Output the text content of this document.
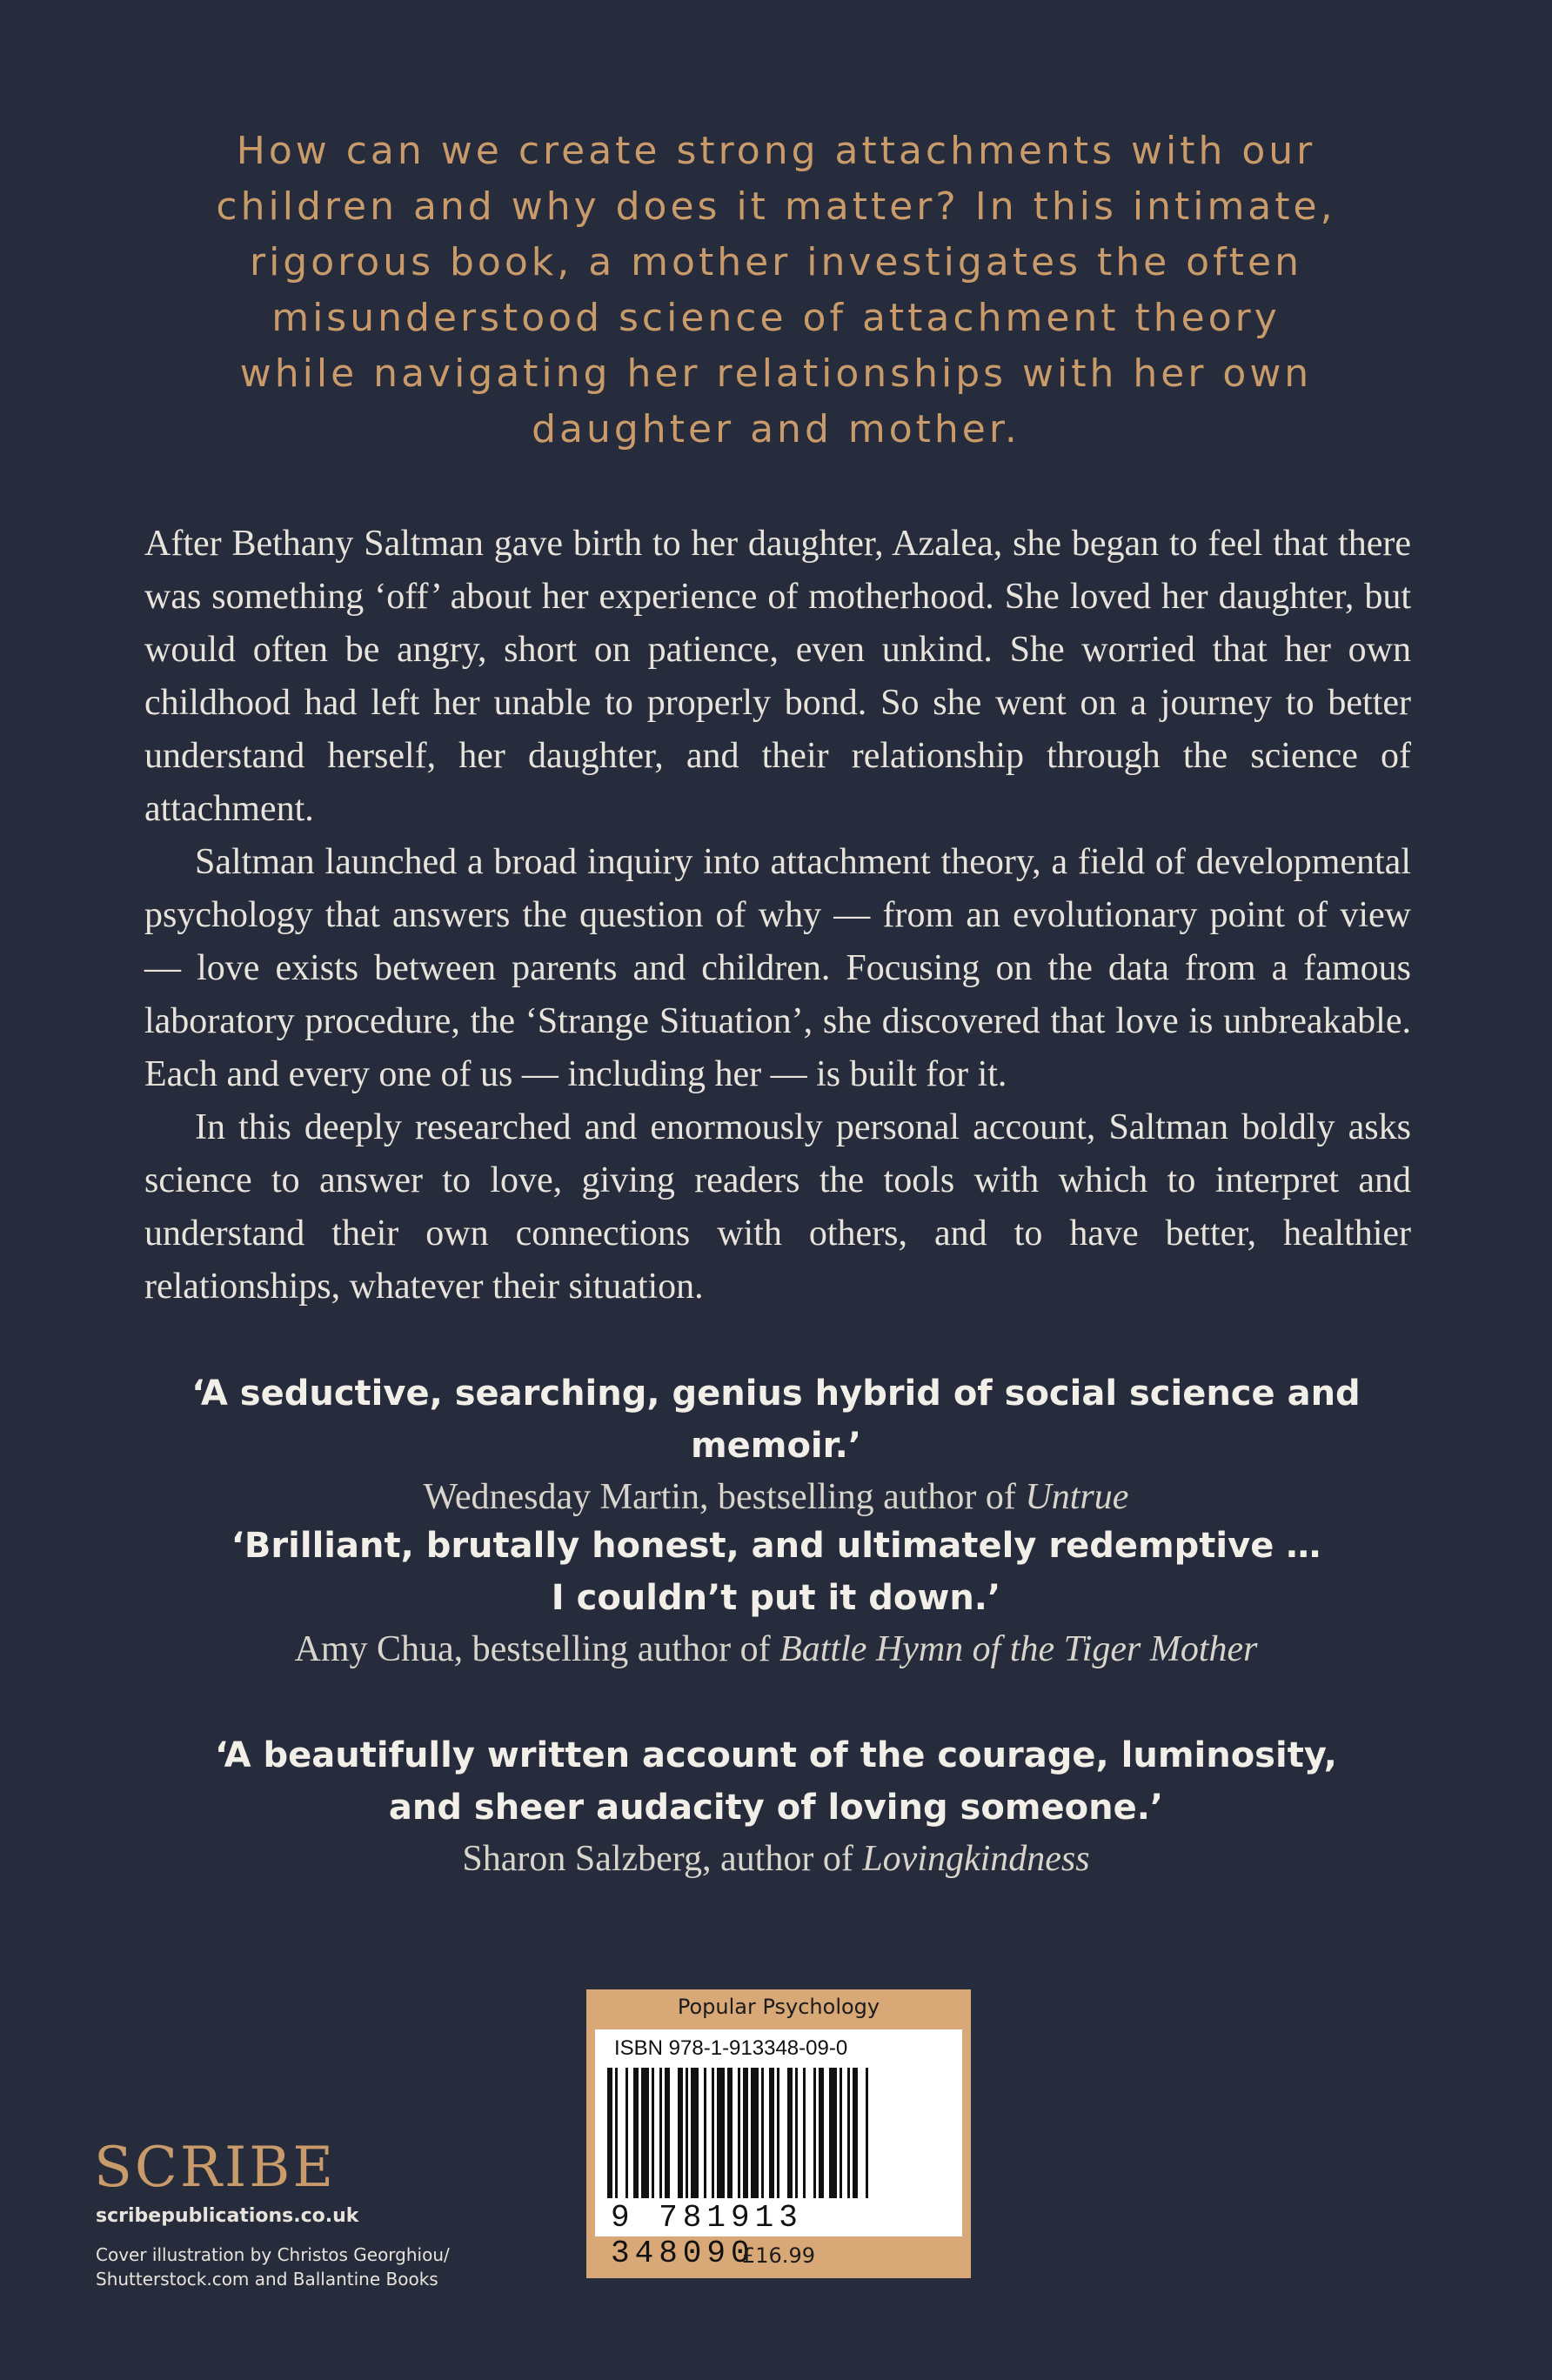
How can we create strong attachments with our
children and why does it matter? In this intimate,
rigorous book, a mother investigates the often
misunderstood science of attachment theory
while navigating her relationships with her own
daughter and mother.

After Bethany Saltman gave birth to her daughter, Azalea, she began to feel that there was something ‘off’ about her experience of motherhood. She loved her daughter, but would often be angry, short on patience, even unkind. She worried that her own childhood had left her unable to properly bond. So she went on a journey to better understand herself, her daughter, and their relationship through the science of attachment.

Saltman launched a broad inquiry into attachment theory, a field of developmental psychology that answers the question of why — from an evolutionary point of view — love exists between parents and children. Focusing on the data from a famous laboratory procedure, the ‘Strange Situation’, she discovered that love is unbreakable. Each and every one of us — including her — is built for it.

In this deeply researched and enormously personal account, Saltman boldly asks science to answer to love, giving readers the tools with which to interpret and understand their own connections with others, and to have better, healthier relationships, whatever their situation.

‘A seductive, searching, genius hybrid of social science and memoir.’
Wednesday Martin, bestselling author of Untrue
‘Brilliant, brutally honest, and ultimately redemptive …
I couldn’t put it down.’
Amy Chua, bestselling author of Battle Hymn of the Tiger Mother
‘A beautifully written account of the courage, luminosity,
and sheer audacity of loving someone.’
Sharon Salzberg, author of Lovingkindness
SCRIBE
scribepublications.co.uk
Cover illustration by Christos Georghiou/
Shutterstock.com and Ballantine Books
Popular Psychology
ISBN 978-1-913348-09-0
9 781913 348090
£16.99
